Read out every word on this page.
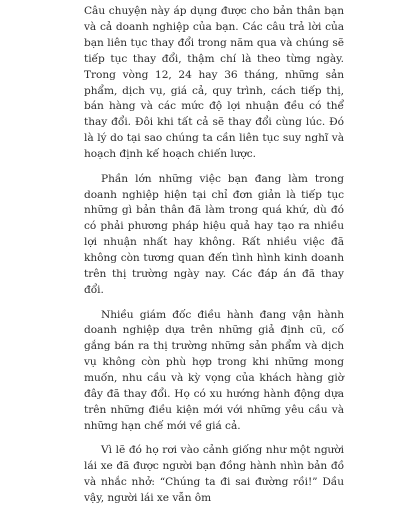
Câu chuyện này áp dụng được cho bản thân bạn và cả doanh nghiệp của bạn. Các câu trả lời của bạn liên tục thay đổi trong năm qua và chúng sẽ tiếp tục thay đổi, thậm chí là theo từng ngày. Trong vòng 12, 24 hay 36 tháng, những sản phẩm, dịch vụ, giá cả, quy trình, cách tiếp thị, bán hàng và các mức độ lợi nhuận đều có thể thay đổi. Đôi khi tất cả sẽ thay đổi cùng lúc. Đó là lý do tại sao chúng ta cần liên tục suy nghĩ và hoạch định kế hoạch chiến lược.

Phần lớn những việc bạn đang làm trong doanh nghiệp hiện tại chỉ đơn giản là tiếp tục những gì bản thân đã làm trong quá khứ, dù đó có phải phương pháp hiệu quả hay tạo ra nhiều lợi nhuận nhất hay không. Rất nhiều việc đã không còn tương quan đến tình hình kinh doanh trên thị trường ngày nay. Các đáp án đã thay đổi.

Nhiều giám đốc điều hành đang vận hành doanh nghiệp dựa trên những giả định cũ, cố gắng bán ra thị trường những sản phẩm và dịch vụ không còn phù hợp trong khi những mong muốn, nhu cầu và kỳ vọng của khách hàng giờ đây đã thay đổi. Họ có xu hướng hành động dựa trên những điều kiện mới với những yêu cầu và những hạn chế mới về giá cả.

Vì lẽ đó họ rơi vào cảnh giống như một người lái xe đã được người bạn đồng hành nhìn bản đồ và nhắc nhở: “Chúng ta đi sai đường rồi!” Dầu vậy, người lái xe vẫn ôm
